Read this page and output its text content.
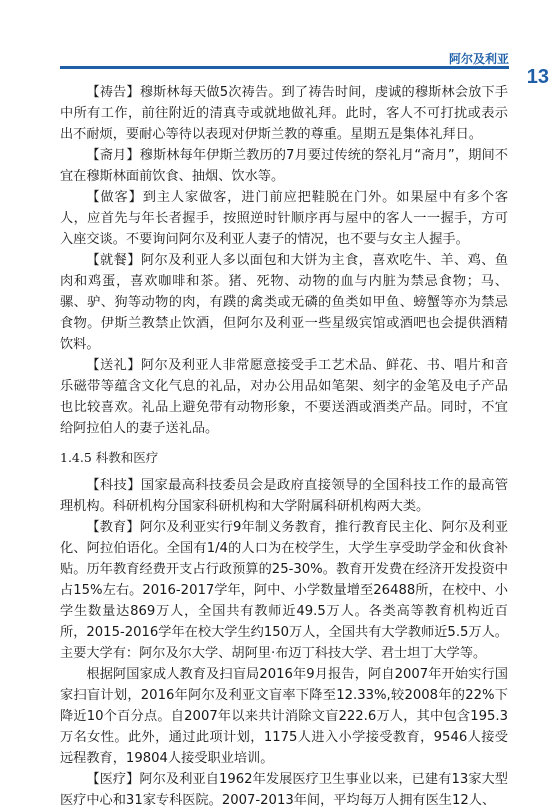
阿尔及利亚
13

【祷告】穆斯林每天做5次祷告。到了祷告时间，虔诚的穆斯林会放下手中所有工作，前往附近的清真寺或就地做礼拜。此时，客人不可打扰或表示出不耐烦，要耐心等待以表现对伊斯兰教的尊重。星期五是集体礼拜日。

【斋月】穆斯林每年伊斯兰教历的7月要过传统的祭礼月“斋月”，期间不宜在穆斯林面前饮食、抽烟、饮水等。

【做客】到主人家做客，进门前应把鞋脱在门外。如果屋中有多个客人，应首先与年长者握手，按照逆时针顺序再与屋中的客人一一握手，方可入座交谈。不要询问阿尔及利亚人妻子的情况，也不要与女主人握手。

【就餐】阿尔及利亚人多以面包和大饼为主食，喜欢吃牛、羊、鸡、鱼肉和鸡蛋，喜欢咖啡和茶。猪、死物、动物的血与内脏为禁忌食物；马、骡、驴、狗等动物的肉，有蹼的禽类或无磷的鱼类如甲鱼、螃蟹等亦为禁忌食物。伊斯兰教禁止饮酒，但阿尔及利亚一些星级宾馆或酒吧也会提供酒精饮料。

【送礼】阿尔及利亚人非常愿意接受手工艺术品、鲜花、书、唱片和音乐磁带等蕴含文化气息的礼品，对办公用品如笔架、刻字的金笔及电子产品也比较喜欢。礼品上避免带有动物形象，不要送酒或酒类产品。同时，不宜给阿拉伯人的妻子送礼品。

1.4.5 科教和医疗

【科技】国家最高科技委员会是政府直接领导的全国科技工作的最高管理机构。科研机构分国家科研机构和大学附属科研机构两大类。

【教育】阿尔及利亚实行9年制义务教育，推行教育民主化、阿尔及利亚化、阿拉伯语化。全国有1/4的人口为在校学生，大学生享受助学金和伙食补贴。历年教育经费开支占行政预算的25-30%。教育开发费在经济开发投资中占15%左右。2016-2017学年，阿中、小学数量增至26488所，在校中、小学生数量达869万人，全国共有教师近49.5万人。各类高等教育机构近百所，2015-2016学年在校大学生约150万人，全国共有大学教师近5.5万人。主要大学有：阿尔及尔大学、胡阿里·布迈丁科技大学、君士坦丁大学等。

根据阿国家成人教育及扫盲局2016年9月报告，阿自2007年开始实行国家扫盲计划，2016年阿尔及利亚文盲率下降至12.33%,较2008年的22%下降近10个百分点。自2007年以来共计消除文盲222.6万人，其中包含195.3万名女性。此外，通过此项计划，1175人进入小学接受教育，9546人接受远程教育，19804人接受职业培训。

【医疗】阿尔及利亚自1962年发展医疗卫生事业以来，已建有13家大型医疗中心和31家专科医院。2007-2013年间，平均每万人拥有医生12人、
